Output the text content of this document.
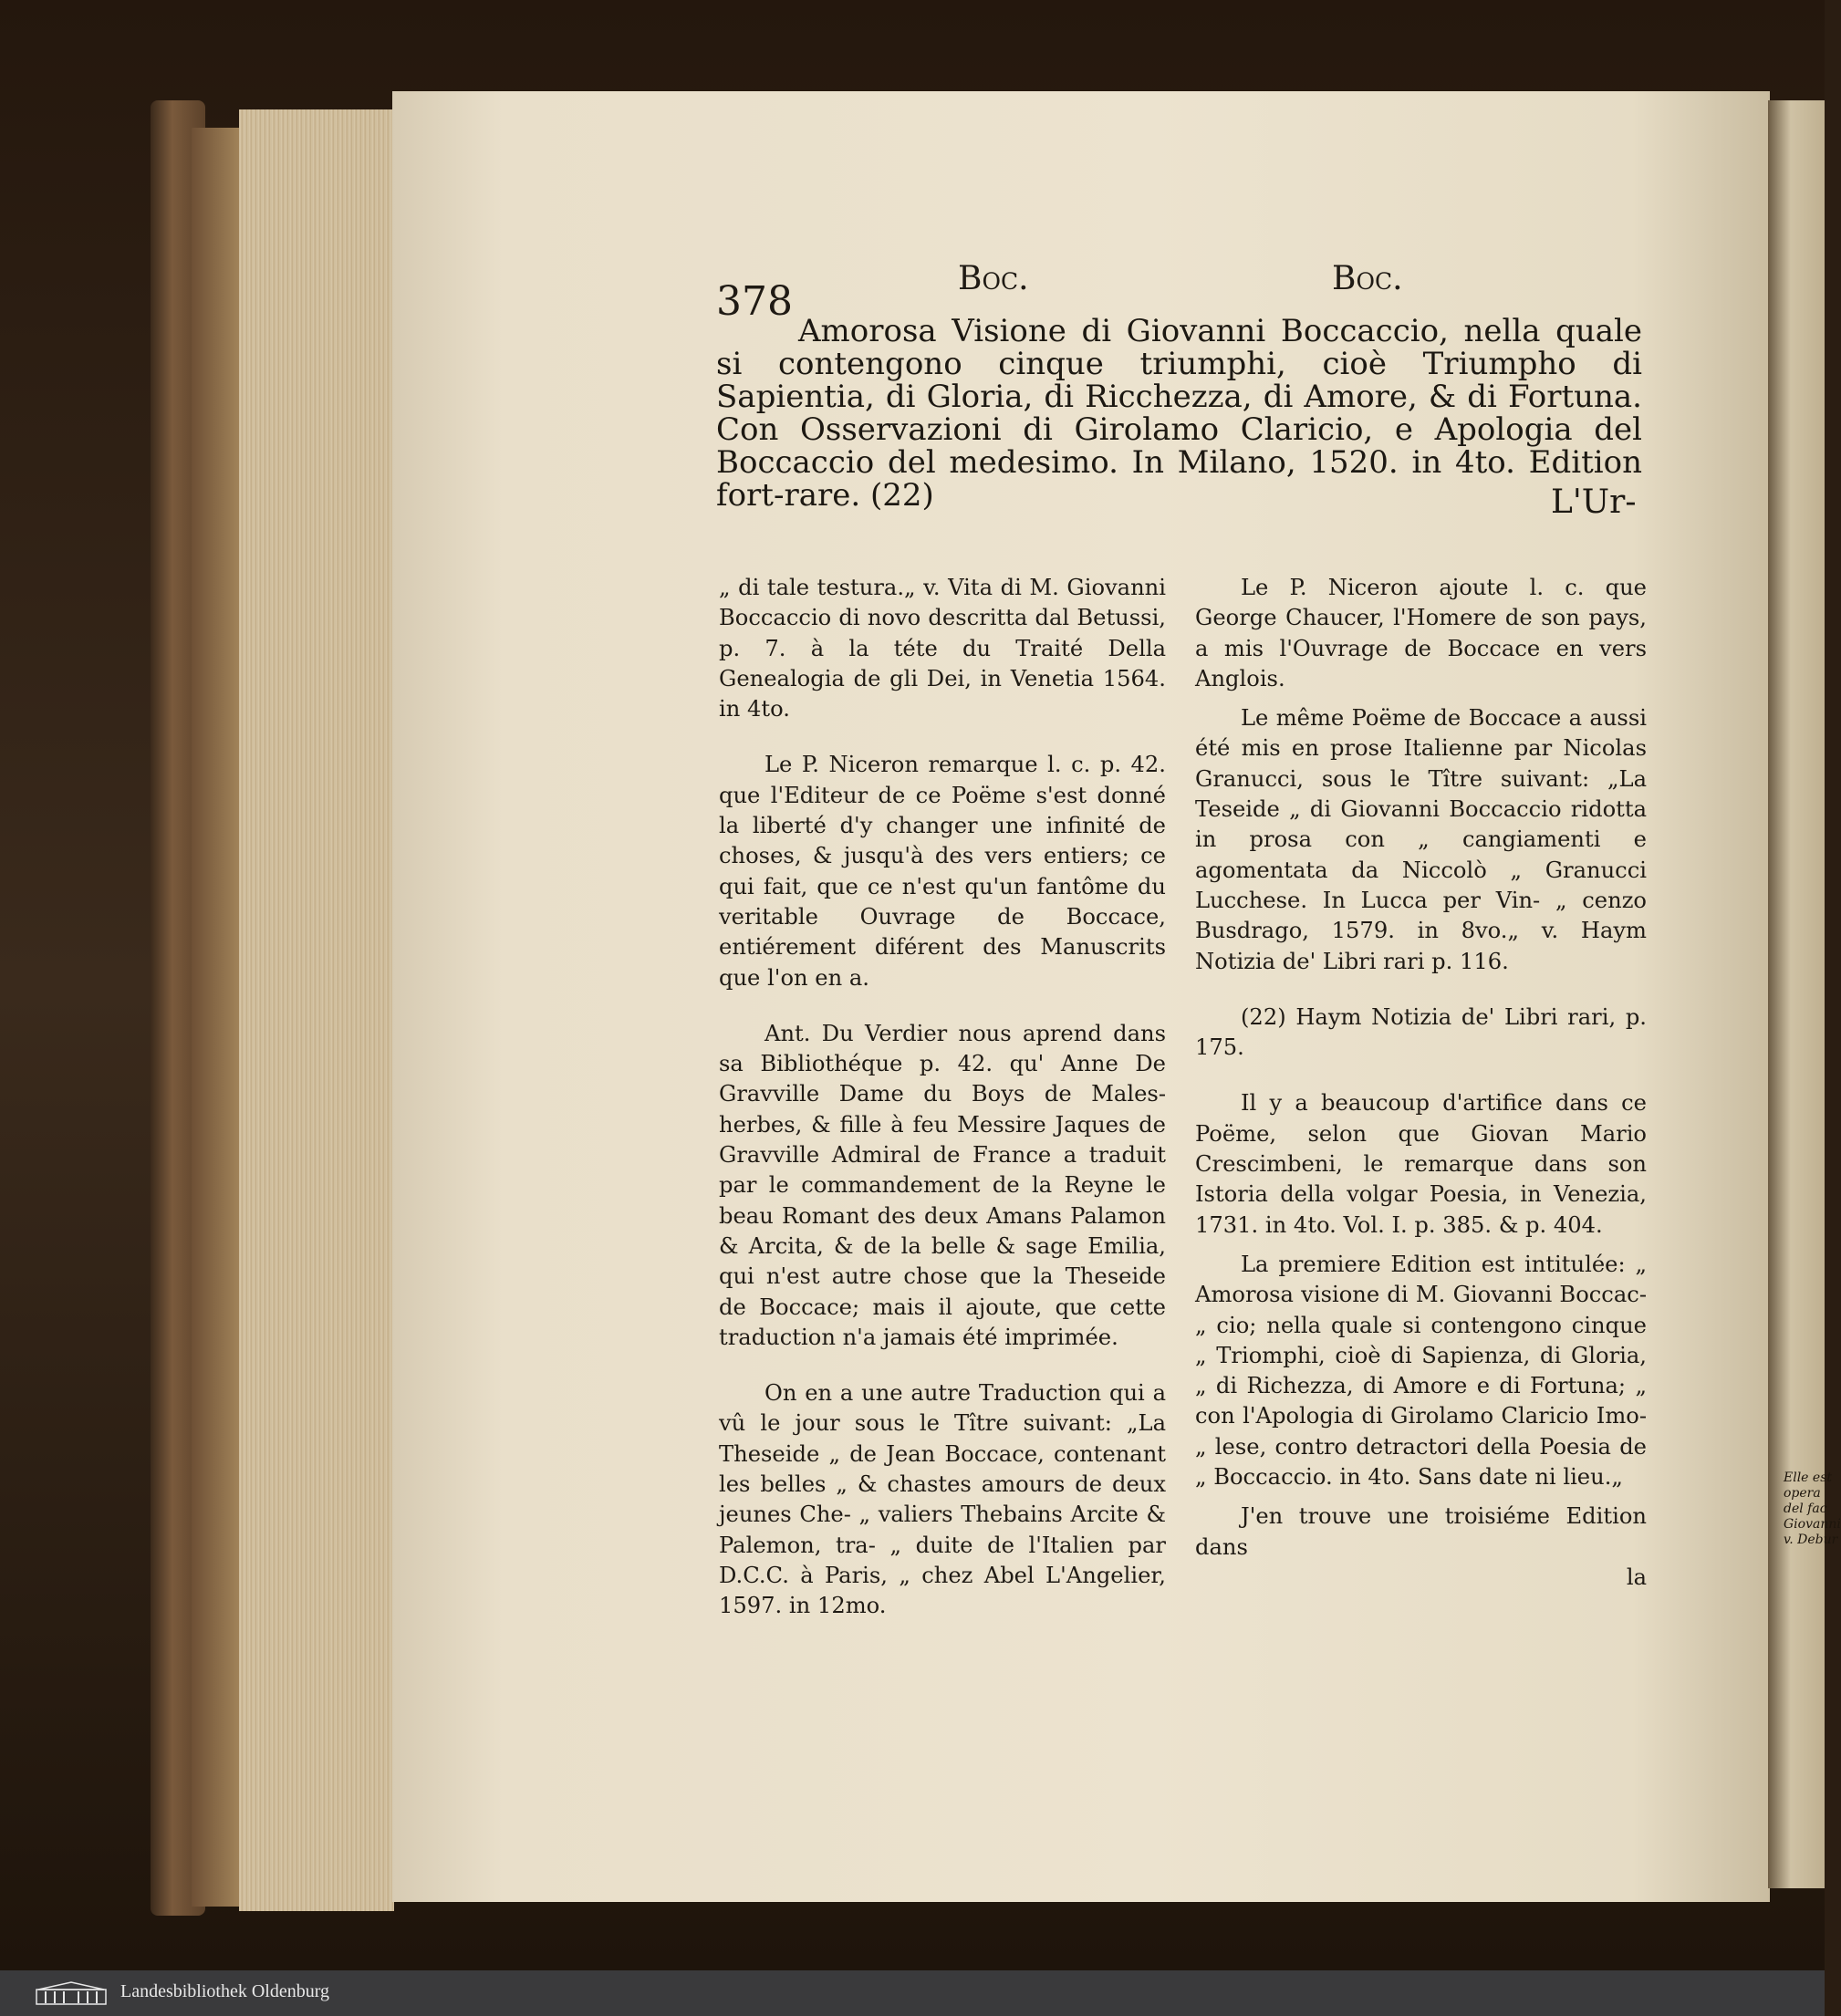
Elle est
opera
del fac
Giovanni
v. Debur
378	Boc.	Boc.

Amorosa Visione di Giovanni Boccaccio, nella quale si contengono cinque triumphi, cioè Triumpho di Sapientia, di Gloria, di Ricchezza, di Amore, & di Fortuna. Con Osservazioni di Girolamo Claricio, e Apologia del Boccaccio del medesimo. In Milano, 1520. in 4to. Edition fort-rare. (22)	L'Ur-

„ di tale testura.„ v. Vita di M. Giovanni Boccaccio di novo descritta dal Betussi, p. 7. à la téte du Traité Della Genealogia de gli Dei, in Venetia 1564. in 4to.

Le P. Niceron remarque l. c. p. 42. que l'Editeur de ce Poëme s'est donné la liberté d'y changer une infinité de choses, & jusqu'à des vers entiers; ce qui fait, que ce n'est qu'un fantôme du veritable Ouvrage de Boccace, entiérement diférent des Manuscrits que l'on en a.

Ant. Du Verdier nous aprend dans sa Bibliothéque p. 42. qu' Anne De Gravville Dame du Boys de Males-herbes, & fille à feu Messire Jaques de Gravville Admiral de France a traduit par le commandement de la Reyne le beau Romant des deux Amans Palamon & Arcita, & de la belle & sage Emilia, qui n'est autre chose que la Theseide de Boccace; mais il ajoute, que cette traduction n'a jamais été imprimée.

On en a une autre Traduction qui a vû le jour sous le Tître suivant: „La Theseide „ de Jean Boccace, contenant les belles „ & chastes amours de deux jeunes Che- „ valiers Thebains Arcite & Palemon, tra- „ duite de l'Italien par D.C.C. à Paris, „ chez Abel L'Angelier, 1597. in 12mo.

Le P. Niceron ajoute l. c. que George Chaucer, l'Homere de son pays, a mis l'Ouvrage de Boccace en vers Anglois.

Le même Poëme de Boccace a aussi été mis en prose Italienne par Nicolas Granucci, sous le Tître suivant: „La Teseide „ di Giovanni Boccaccio ridotta in prosa con „ cangiamenti e agomentata da Niccolò „ Granucci Lucchese. In Lucca per Vin- „ cenzo Busdrago, 1579. in 8vo.„ v. Haym Notizia de' Libri rari p. 116.

(22) Haym Notizia de' Libri rari, p. 175.

Il y a beaucoup d'artifice dans ce Poëme, selon que Giovan Mario Crescimbeni, le remarque dans son Istoria della volgar Poesia, in Venezia, 1731. in 4to. Vol. I. p. 385. & p. 404.

La premiere Edition est intitulée: „ Amorosa visione di M. Giovanni Boccac- „ cio; nella quale si contengono cinque „ Triomphi, cioè di Sapienza, di Gloria, „ di Richezza, di Amore e di Fortuna; „ con l'Apologia di Girolamo Claricio Imo- „ lese, contro detractori della Poesia de „ Boccaccio. in 4to. Sans date ni lieu.„

J'en trouve une troisiéme Edition dans

la

Landesbibliothek Oldenburg
